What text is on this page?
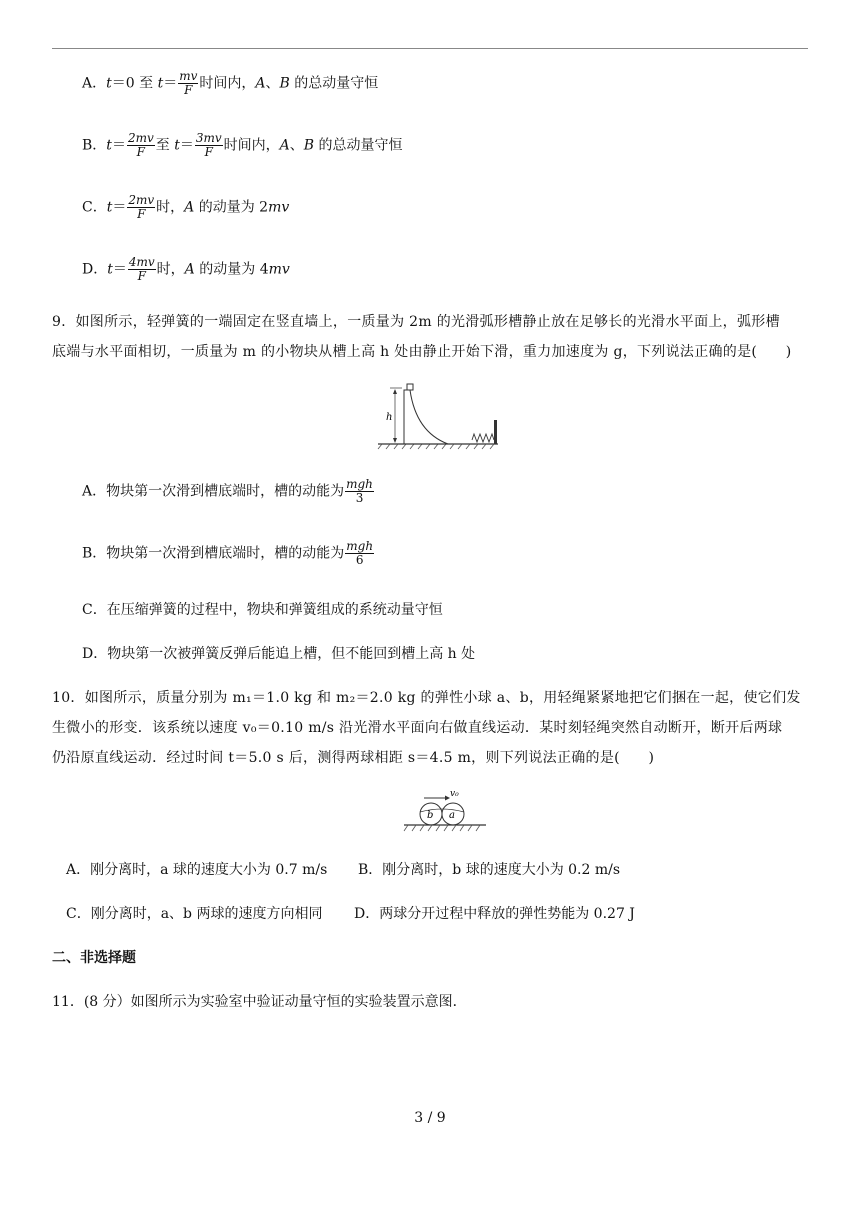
A．t＝0 至 $t= \frac{mv}{F}$ 时间内，A、B 的总动量守恒
B．$t= \frac{2mv}{F}$ 至 $t= \frac{3mv}{F}$ 时间内，A、B 的总动量守恒
C．$t= \frac{2mv}{F}$ 时，A 的动量为 2mv
D．$t= \frac{4mv}{F}$ 时，A 的动量为 4mv
9．如图所示，轻弹簧的一端固定在竖直墙上，一质量为 2m 的光滑弧形槽静止放在足够长的光滑水平面上，弧形槽
底端与水平面相切，一质量为 m 的小物块从槽上高 h 处由静止开始下滑，重力加速度为 g，下列说法正确的是(　　)
h
A．物块第一次滑到槽底端时，槽的动能为 $\frac{\text{mgh}}{3}$
B．物块第一次滑到槽底端时，槽的动能为 $\frac{\text{mgh}}{6}$
C．在压缩弹簧的过程中，物块和弹簧组成的系统动量守恒
D．物块第一次被弹簧反弹后能追上槽，但不能回到槽上高 h 处
10．如图所示，质量分别为 m₁＝1.0 kg 和 m₂＝2.0 kg 的弹性小球 a、b，用轻绳紧紧地把它们捆在一起，使它们发
生微小的形变．该系统以速度 v₀＝0.10 m/s 沿光滑水平面向右做直线运动．某时刻轻绳突然自动断开，断开后两球
仍沿原直线运动．经过时间 t＝5.0 s 后，测得两球相距 s＝4.5 m，则下列说法正确的是(　　)
v₀
b a
A．刚分离时，a 球的速度大小为 0.7 m/s B．刚分离时，b 球的速度大小为 0.2 m/s
C．刚分离时，a、b 两球的速度方向相同 D．两球分开过程中释放的弹性势能为 0.27 J
二、非选择题
11．(8 分）如图所示为实验室中验证动量守恒的实验装置示意图．
3 / 9
